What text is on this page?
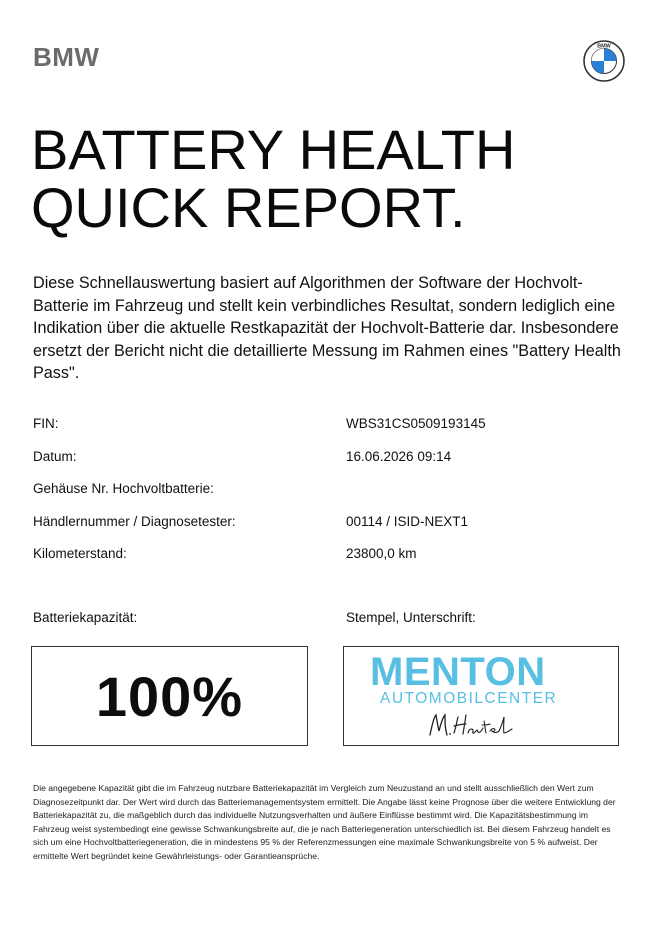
BMW	BMW
BATTERY HEALTH
QUICK REPORT.

Diese Schnellauswertung basiert auf Algorithmen der Software der Hochvolt-Batterie im Fahrzeug und stellt kein verbindliches Resultat, sondern lediglich eine Indikation über die aktuelle Restkapazität der Hochvolt-Batterie dar. Insbesondere ersetzt der Bericht nicht die detaillierte Messung im Rahmen eines "Battery Health Pass".

FIN:	WBS31CS0509193145
Datum:	16.06.2026 09:14
Gehäuse Nr. Hochvoltbatterie:
Händlernummer / Diagnosetester:	00114 / ISID-NEXT1
Kilometerstand:	23800,0 km
Batteriekapazität:	Stempel, Unterschrift:
100%	MENTON
AUTOMOBILCENTER

Die angegebene Kapazität gibt die im Fahrzeug nutzbare Batteriekapazität im Vergleich zum Neuzustand an und stellt ausschließlich den Wert zum Diagnosezeitpunkt dar. Der Wert wird durch das Batteriemanagementsystem ermittelt. Die Angabe lässt keine Prognose über die weitere Entwicklung der Batteriekapazität zu, die maßgeblich durch das individuelle Nutzungsverhalten und äußere Einflüsse bestimmt wird. Die Kapazitätsbestimmung im Fahrzeug weist systembedingt eine gewisse Schwankungsbreite auf, die je nach Batteriegeneration unterschiedlich ist. Bei diesem Fahrzeug handelt es sich um eine Hochvoltbatteriegeneration, die in mindestens 95 % der Referenzmessungen eine maximale Schwankungsbreite von 5 % aufweist. Der ermittelte Wert begründet keine Gewährleistungs- oder Garantieansprüche.
